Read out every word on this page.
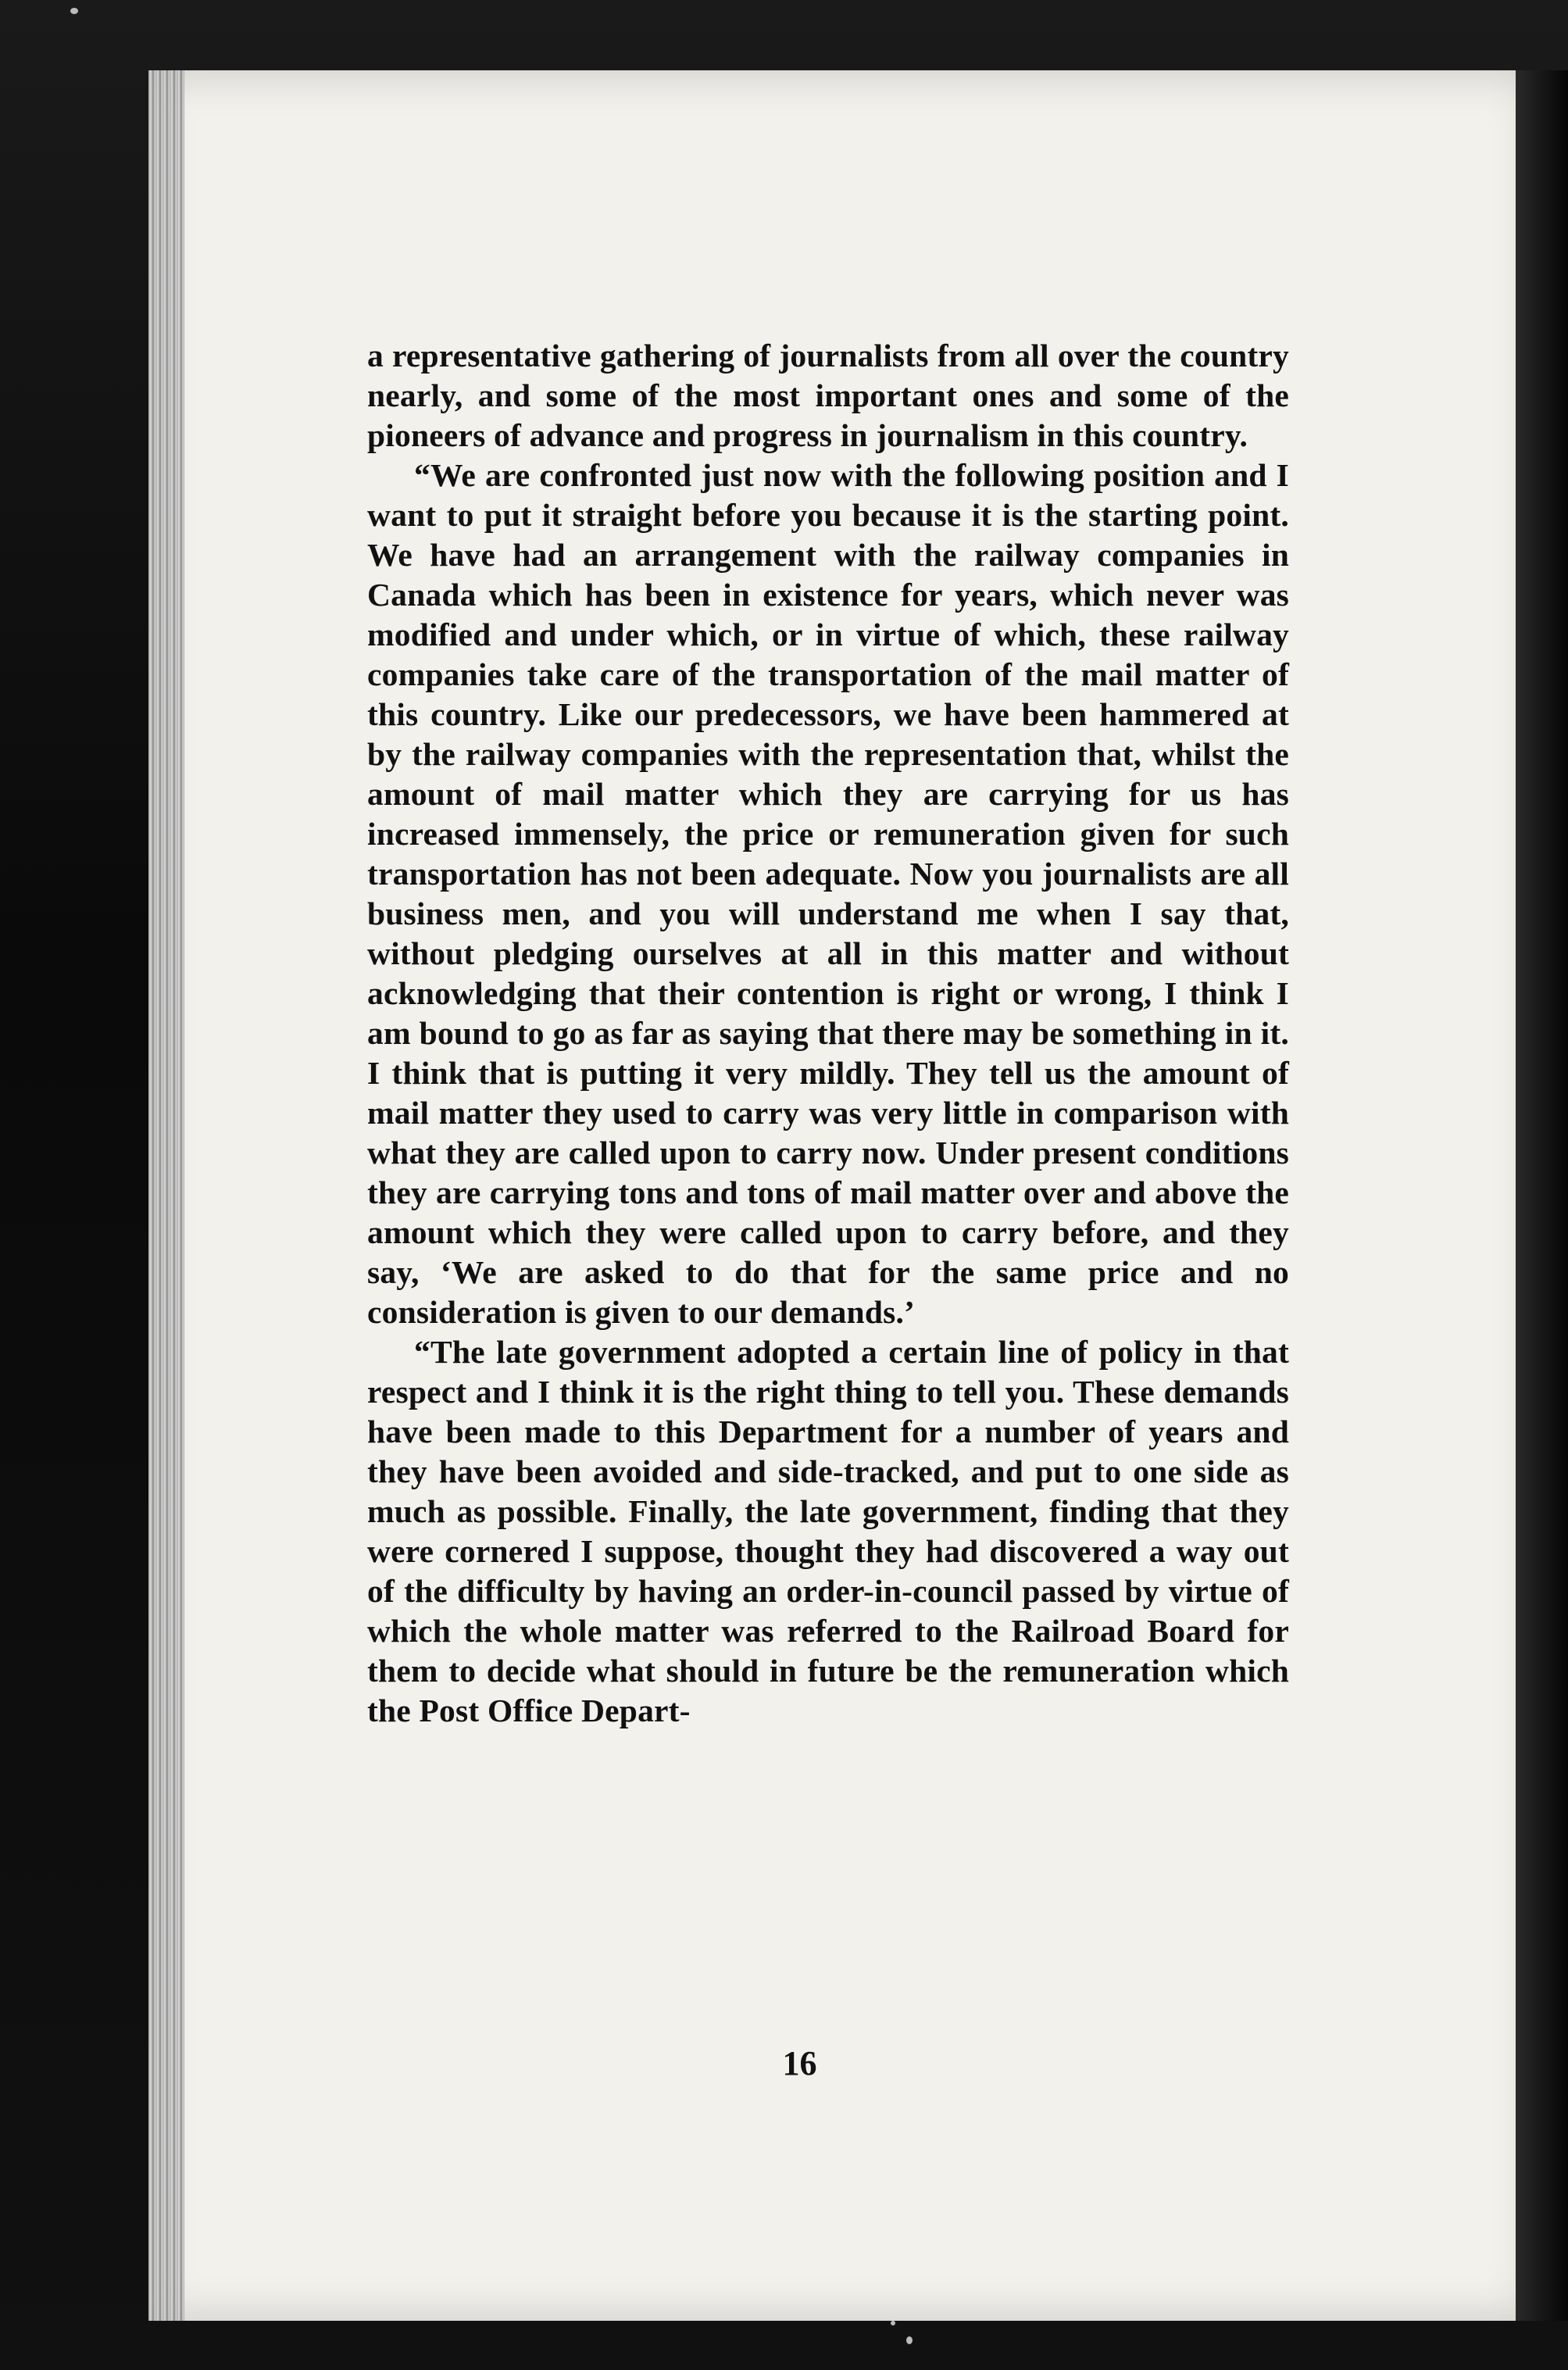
a representative gathering of journalists from all over the country nearly, and some of the most important ones and some of the pioneers of advance and progress in journalism in this country.

“We are confronted just now with the following position and I want to put it straight before you because it is the starting point. We have had an arrangement with the railway companies in Canada which has been in existence for years, which never was modified and under which, or in virtue of which, these railway companies take care of the transportation of the mail matter of this country. Like our predecessors, we have been hammered at by the railway companies with the representation that, whilst the amount of mail matter which they are carrying for us has increased immensely, the price or remuneration given for such transportation has not been adequate. Now you journalists are all business men, and you will understand me when I say that, without pledging ourselves at all in this matter and without acknowledging that their contention is right or wrong, I think I am bound to go as far as saying that there may be something in it. I think that is putting it very mildly. They tell us the amount of mail matter they used to carry was very little in comparison with what they are called upon to carry now. Under present conditions they are carrying tons and tons of mail matter over and above the amount which they were called upon to carry before, and they say, ‘We are asked to do that for the same price and no consideration is given to our demands.’

“The late government adopted a certain line of policy in that respect and I think it is the right thing to tell you. These demands have been made to this Department for a number of years and they have been avoided and side-tracked, and put to one side as much as possible. Finally, the late government, finding that they were cornered I suppose, thought they had discovered a way out of the difficulty by having an order-in-council passed by virtue of which the whole matter was referred to the Railroad Board for them to decide what should in future be the remuneration which the Post Office Depart-

16
